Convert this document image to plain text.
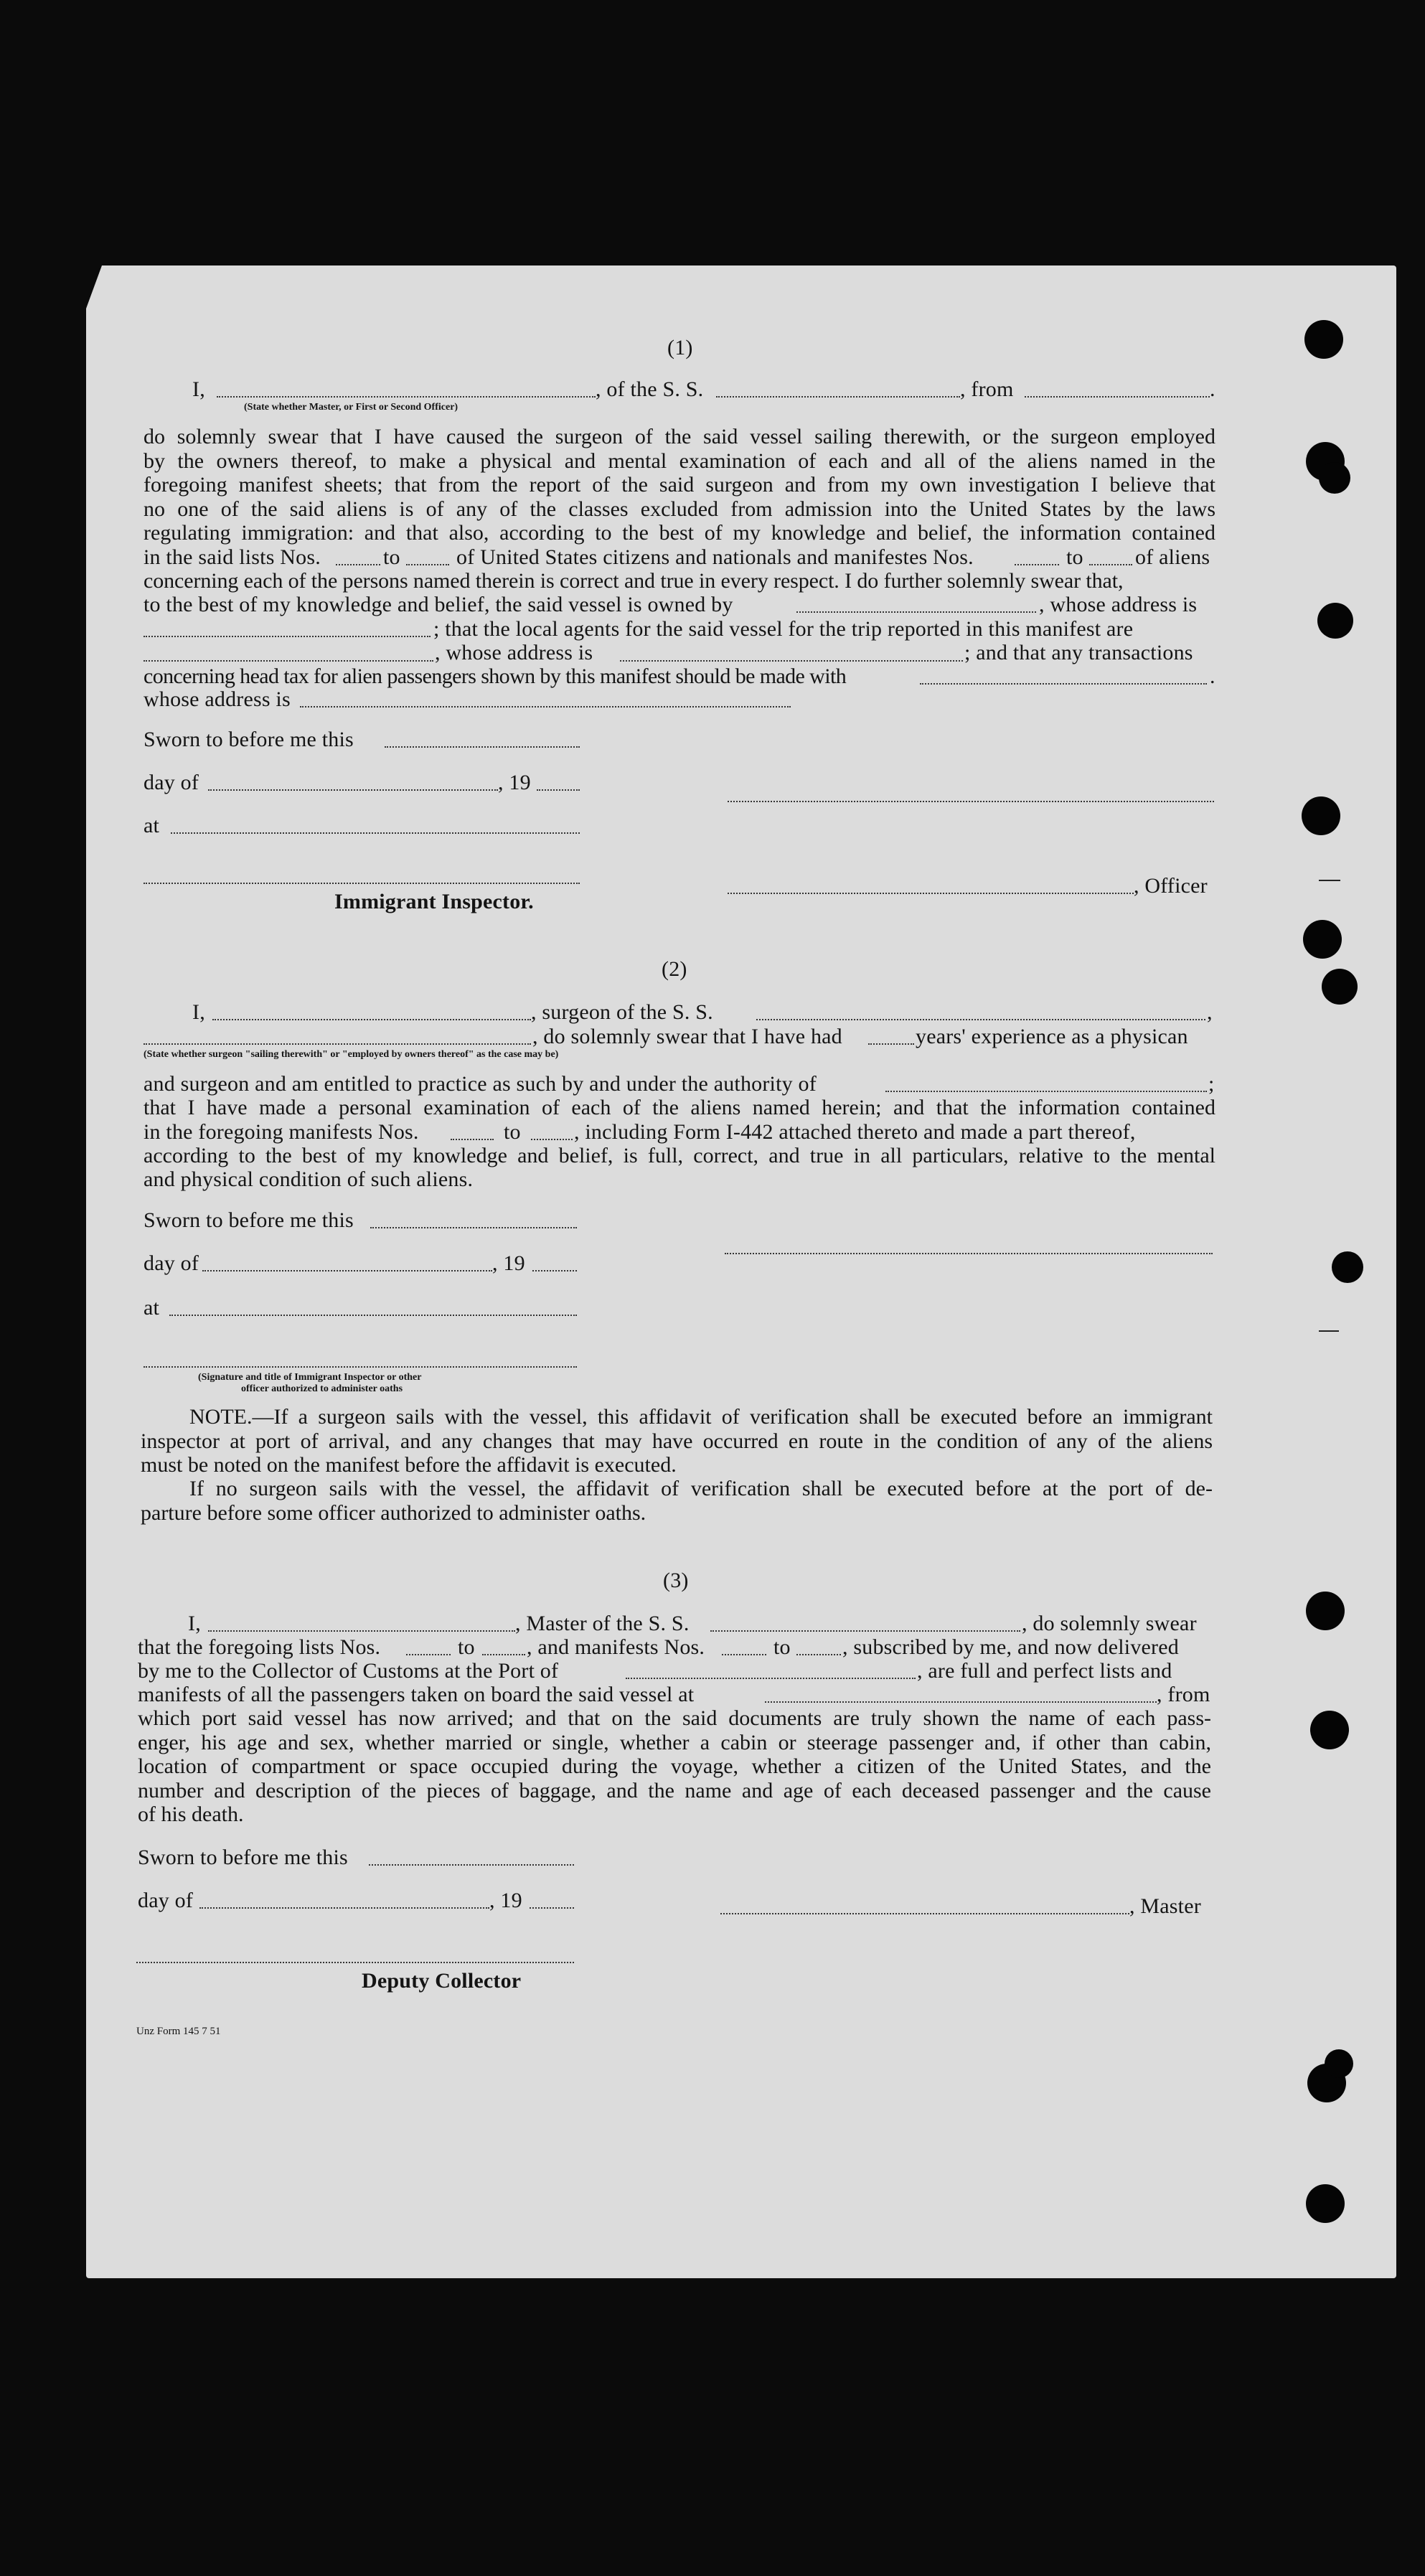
(1)
I,	, of the S. S.	, from	.
(State whether Master, or First or Second Officer)
do solemnly swear that I have caused the surgeon of the said vessel sailing therewith, or the surgeon employed
by the owners thereof, to make a physical and mental examination of each and all of the aliens named in the
foregoing manifest sheets; that from the report of the said surgeon and from my own investigation I believe that
no one of the said aliens is of any of the classes excluded from admission into the United States by the laws
regulating immigration: and that also, according to the best of my knowledge and belief, the information contained
in the said lists Nos.	to	of United States citizens and nationals and manifestes Nos.	to of aliens
concerning each of the persons named therein is correct and true in every respect. I do further solemnly swear that,
to the best of my knowledge and belief, the said vessel is owned by	, whose address is
; that the local agents for the said vessel for the trip reported in this manifest are
, whose address is	; and that any transactions
concerning head tax for alien passengers shown by this manifest should be made with	.
whose address is
Sworn to before me this
day of	, 19
at
Immigrant Inspector.
, Officer
(2)
I,	, surgeon of the S. S.	,
, do solemnly swear that I have had	years' experience as a physican
(State whether surgeon "sailing therewith" or "employed by owners thereof" as the case may be)
and surgeon and am entitled to practice as such by and under the authority of	;
that I have made a personal examination of each of the aliens named herein; and that the information contained
in the foregoing manifests Nos.	to , including Form I-442 attached thereto and made a part thereof,
according to the best of my knowledge and belief, is full, correct, and true in all particulars, relative to the mental
and physical condition of such aliens.
Sworn to before me this
day of	, 19
at
(Signature and title of Immigrant Inspector or other
officer authorized to administer oaths
NOTE.—If a surgeon sails with the vessel, this affidavit of verification shall be executed before an immigrant
inspector at port of arrival, and any changes that may have occurred en route in the condition of any of the aliens
must be noted on the manifest before the affidavit is executed.
If no surgeon sails with the vessel, the affidavit of verification shall be executed before at the port of de-
parture before some officer authorized to administer oaths.
(3)
I,	, Master of the S. S.	, do solemnly swear
that the foregoing lists Nos.	to , and manifests Nos.	to , subscribed by me, and now delivered
by me to the Collector of Customs at the Port of	, are full and perfect lists and
manifests of all the passengers taken on board the said vessel at	, from
which port said vessel has now arrived; and that on the said documents are truly shown the name of each pass-
enger, his age and sex, whether married or single, whether a cabin or steerage passenger and, if other than cabin,
location of compartment or space occupied during the voyage, whether a citizen of the United States, and the
number and description of the pieces of baggage, and the name and age of each deceased passenger and the cause
of his death.
Sworn to before me this
day of	, 19	, Master
Deputy Collector
Unz Form 145 7 51
